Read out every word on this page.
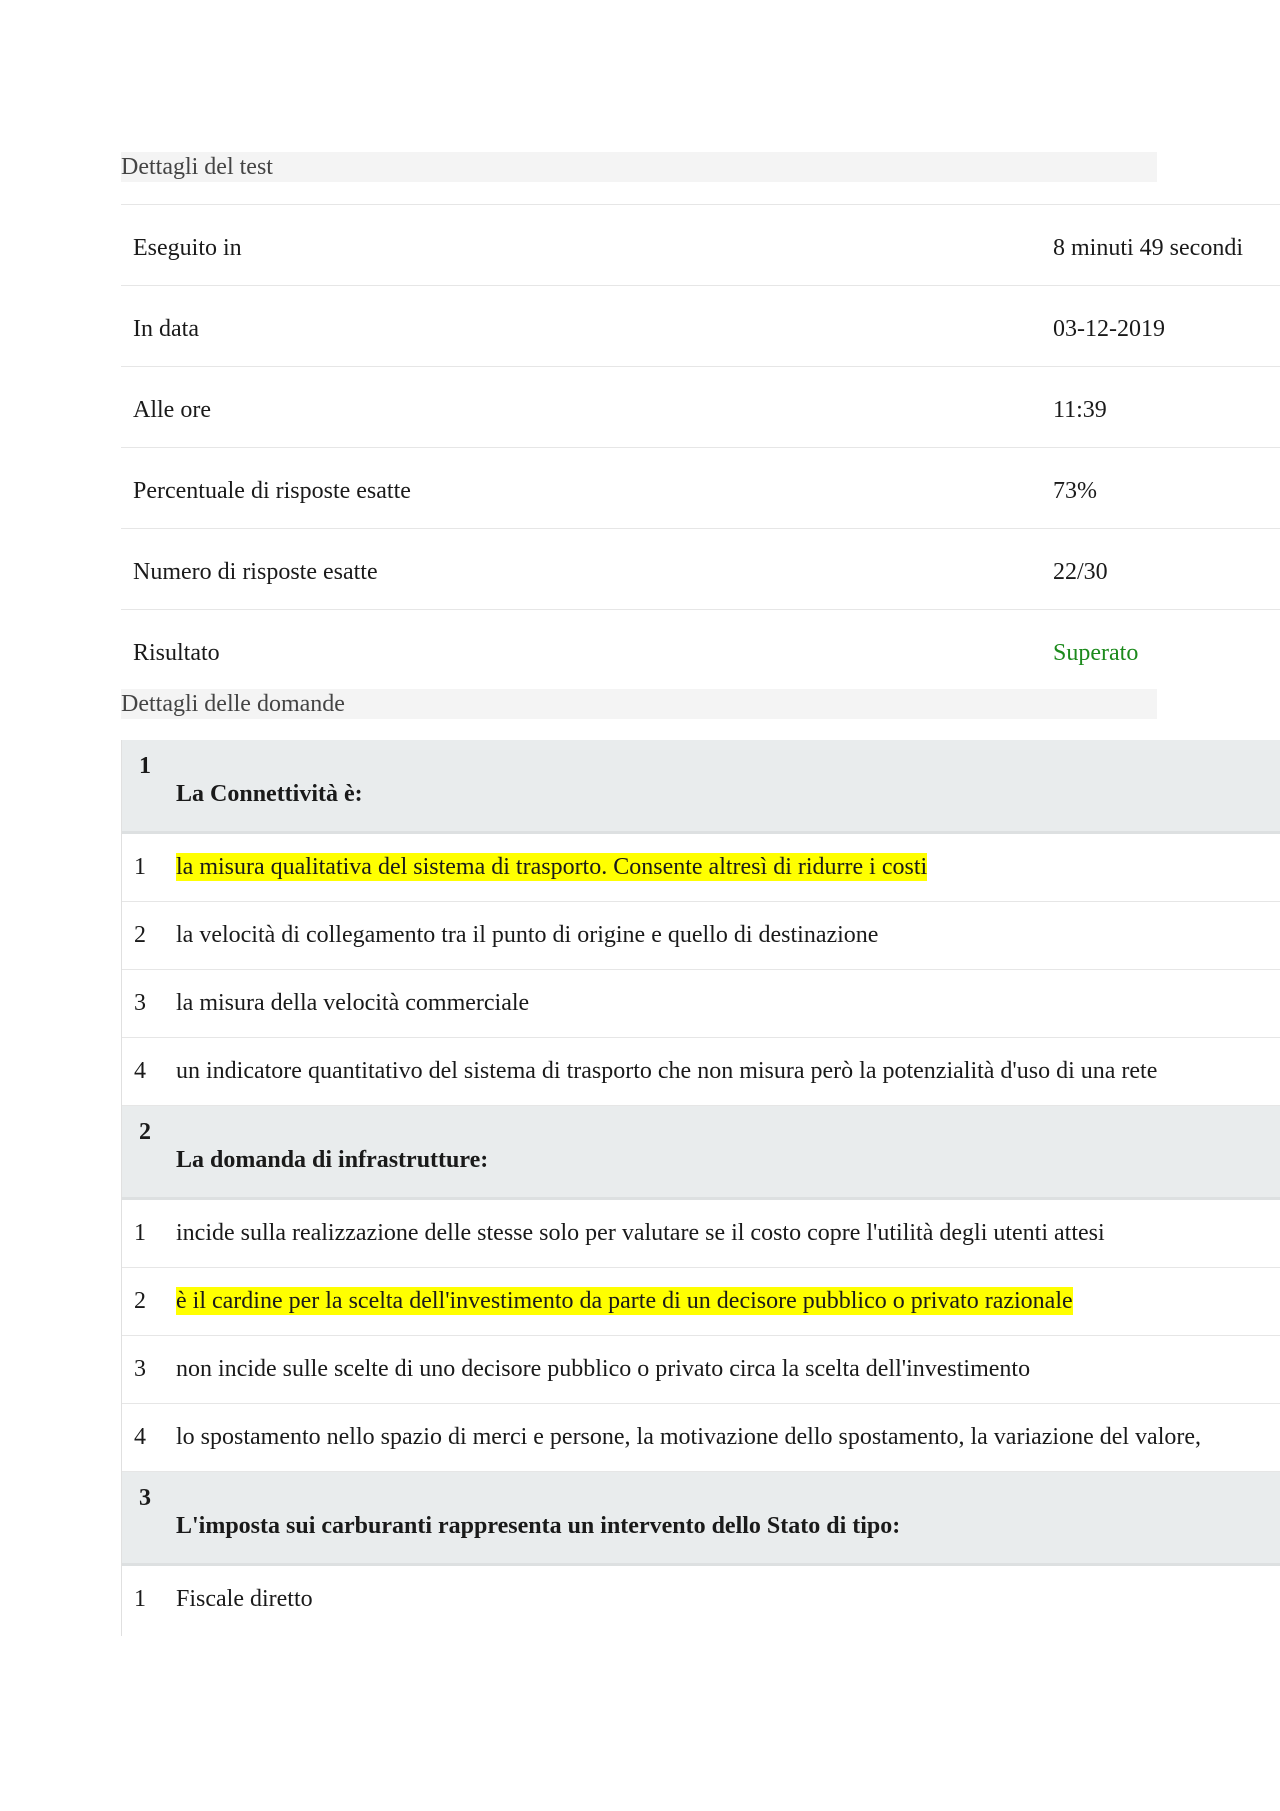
Dettagli del test
Eseguito in	8 minuti 49 secondi
In data	03-12-2019
Alle ore	11:39
Percentuale di risposte esatte	73%
Numero di risposte esatte	22/30
Risultato	Superato
Dettagli delle domande
1
La Connettività è:
1 la misura qualitativa del sistema di trasporto. Consente altresì di ridurre i costi
2 la velocità di collegamento tra il punto di origine e quello di destinazione
3 la misura della velocità commerciale
4 un indicatore quantitativo del sistema di trasporto che non misura però la potenzialità d'uso di una rete
2
La domanda di infrastrutture:
1 incide sulla realizzazione delle stesse solo per valutare se il costo copre l'utilità degli utenti attesi
2 è il cardine per la scelta dell'investimento da parte di un decisore pubblico o privato razionale
3 non incide sulle scelte di uno decisore pubblico o privato circa la scelta dell'investimento
4 lo spostamento nello spazio di merci e persone, la motivazione dello spostamento, la variazione del valore,
3
L'imposta sui carburanti rappresenta un intervento dello Stato di tipo:
1 Fiscale diretto
